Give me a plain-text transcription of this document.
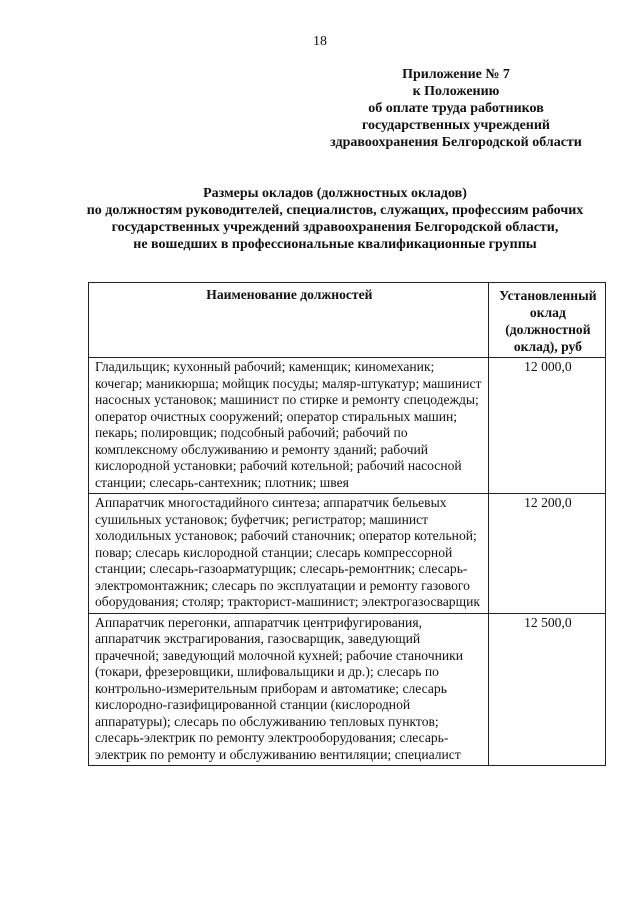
18
Приложение № 7
к Положению
об оплате труда работников
государственных учреждений
здравоохранения Белгородской области
Размеры окладов (должностных окладов)
по должностям руководителей, специалистов, служащих, профессиям рабочих
государственных учреждений здравоохранения Белгородской области,
не вошедших в профессиональные квалификационные группы
Наименование должностей	Установленный оклад (должностной оклад), руб
Гладильщик; кухонный рабочий; каменщик; киномеханик; кочегар; маникюрша; мойщик посуды; маляр-штукатур; машинист насосных установок; машинист по стирке и ремонту спецодежды; оператор очистных сооружений; оператор стиральных машин; пекарь; полировщик; подсобный рабочий; рабочий по комплексному обслуживанию и ремонту зданий; рабочий кислородной установки; рабочий котельной; рабочий насосной станции; слесарь-сантехник; плотник; швея	12 000,0
Аппаратчик многостадийного синтеза; аппаратчик бельевых сушильных установок; буфетчик; регистратор; машинист холодильных установок; рабочий станочник; оператор котельной; повар; слесарь кислородной станции; слесарь компрессорной станции; слесарь-газоарматурщик; слесарь-ремонтник; слесарь-электромонтажник; слесарь по эксплуатации и ремонту газового оборудования; столяр; тракторист-машинист; электрогазосварщик	12 200,0
Аппаратчик перегонки, аппаратчик центрифугирования, аппаратчик экстрагирования, газосварщик, заведующий прачечной; заведующий молочной кухней; рабочие станочники (токари, фрезеровщики, шлифовальщики и др.); слесарь по контрольно-измерительным приборам и автоматике; слесарь кислородно-газифицированной станции (кислородной аппаратуры); слесарь по обслуживанию тепловых пунктов; слесарь-электрик по ремонту электрооборудования; слесарь-электрик по ремонту и обслуживанию вентиляции; специалист	12 500,0
